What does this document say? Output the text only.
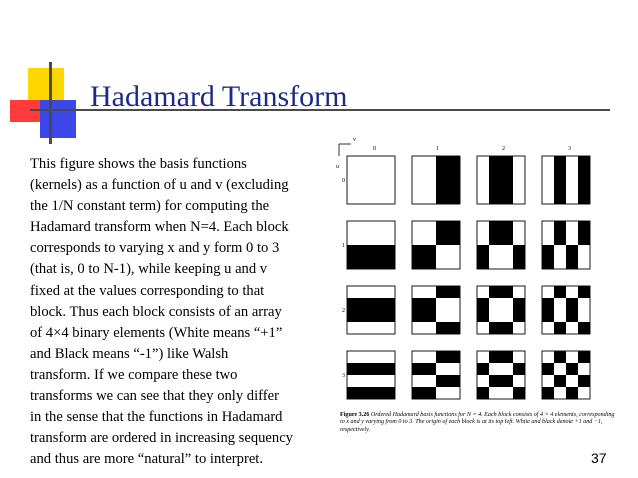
Hadamard Transform
This figure shows the basis functions
(kernels) as a function of u and v (excluding
the 1/N constant term) for computing the
Hadamard transform when N=4. Each block
corresponds to varying x and y form 0 to 3
(that is, 0 to N-1), while keeping u and v
fixed at the values corresponding to that
block. Thus each block consists of an array
of 4×4 binary elements (White means “+1”
and Black means “-1”) like Walsh
transform. If we compare these two
transforms we can see that they only differ
in the sense that the functions in Hadamard
transform are ordered in increasing sequency
and thus are more “natural” to interpret.
v
u
0	1	2	3
0
1
2
3
Figure 3.26 Ordered Hadamard basis functions for N = 4. Each block consists of 4 × 4 elements, corresponding to x and y varying from 0 to 3. The origin of each block is at its top left. White and black denote +1 and −1, respectively.
37
